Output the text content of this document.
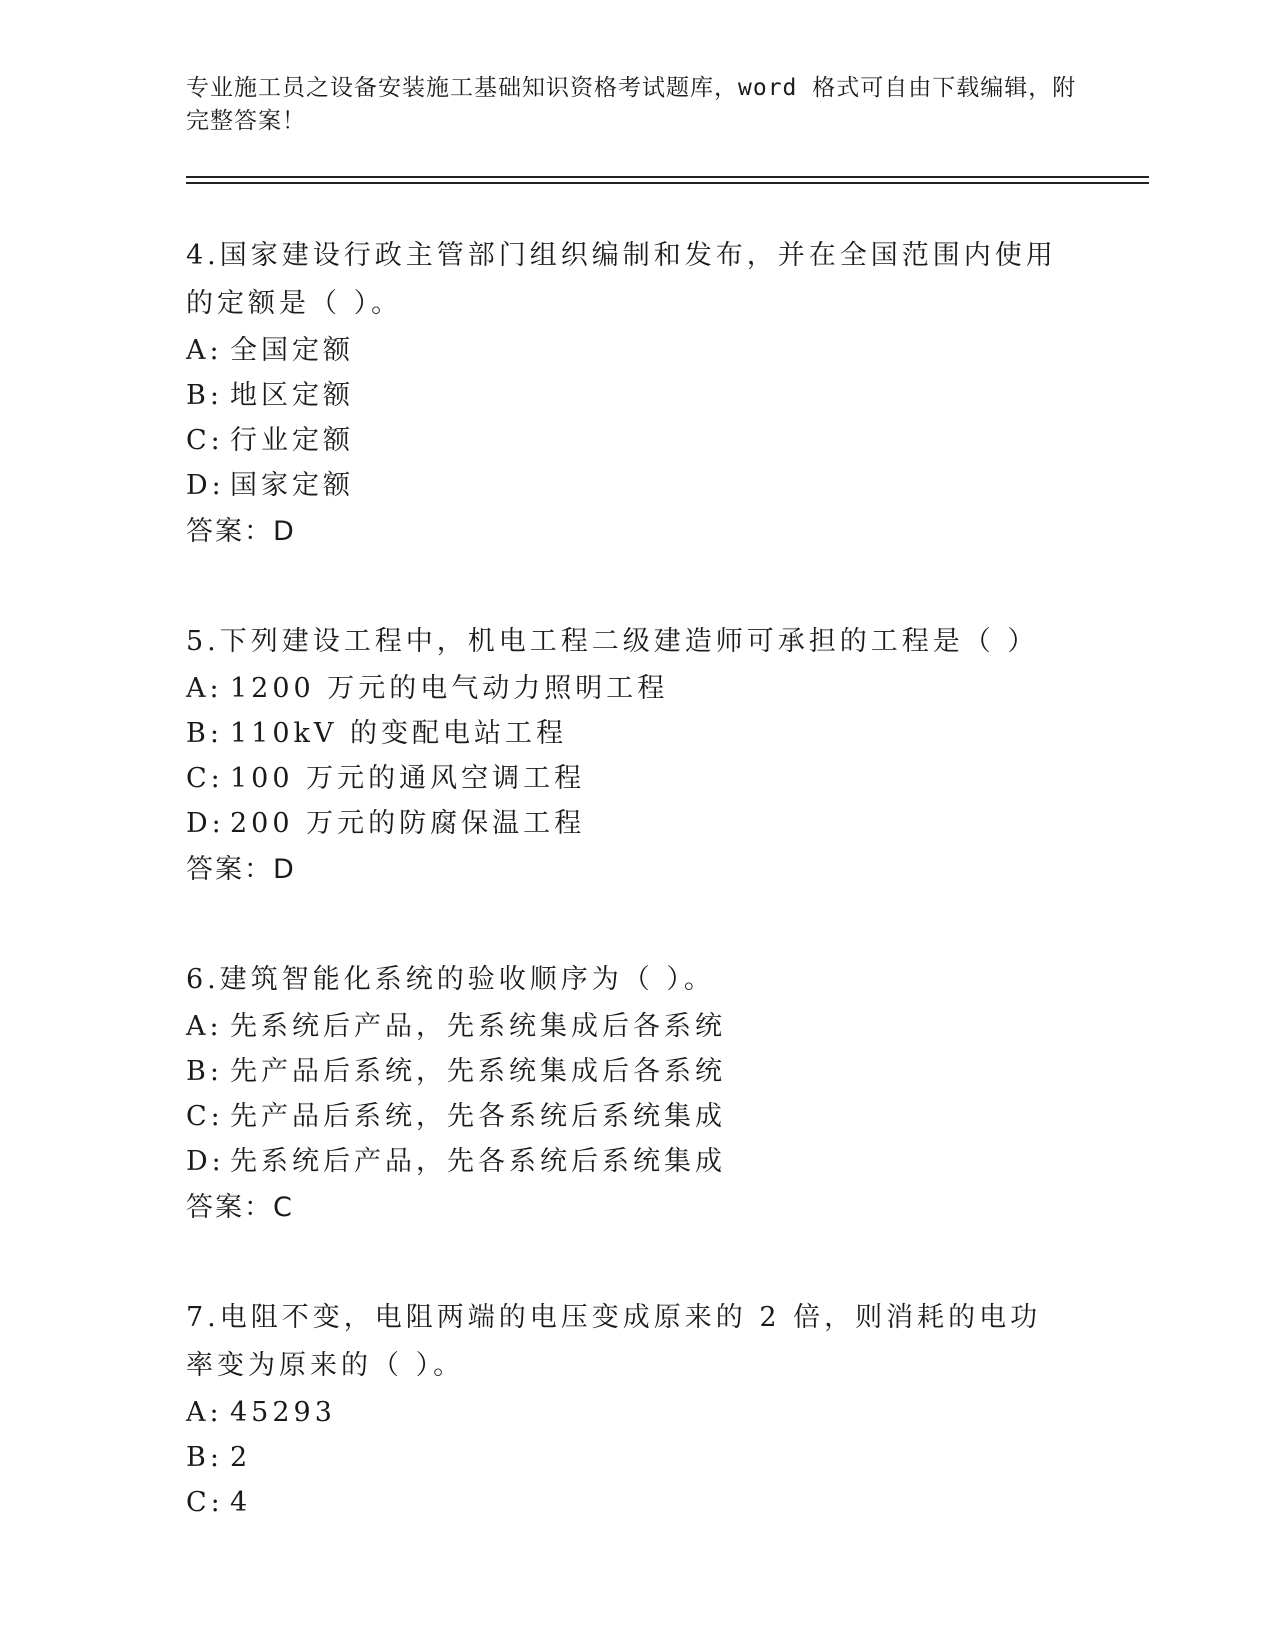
专业施工员之设备安装施工基础知识资格考试题库，word 格式可自由下载编辑，附完整答案！

4.国家建设行政主管部门组织编制和发布，并在全国范围内使用的定额是（ ）。

A: 全国定额

B: 地区定额

C: 行业定额

D: 国家定额

答案：D

5.下列建设工程中，机电工程二级建造师可承担的工程是（ ）

A: 1200 万元的电气动力照明工程

B: 110kV 的变配电站工程

C: 100 万元的通风空调工程

D: 200 万元的防腐保温工程

答案：D

6.建筑智能化系统的验收顺序为（ ）。

A: 先系统后产品，先系统集成后各系统

B: 先产品后系统，先系统集成后各系统

C: 先产品后系统，先各系统后系统集成

D: 先系统后产品，先各系统后系统集成

答案：C

7.电阻不变，电阻两端的电压变成原来的 2 倍，则消耗的电功率变为原来的（ ）。

A: 45293

B: 2

C: 4
